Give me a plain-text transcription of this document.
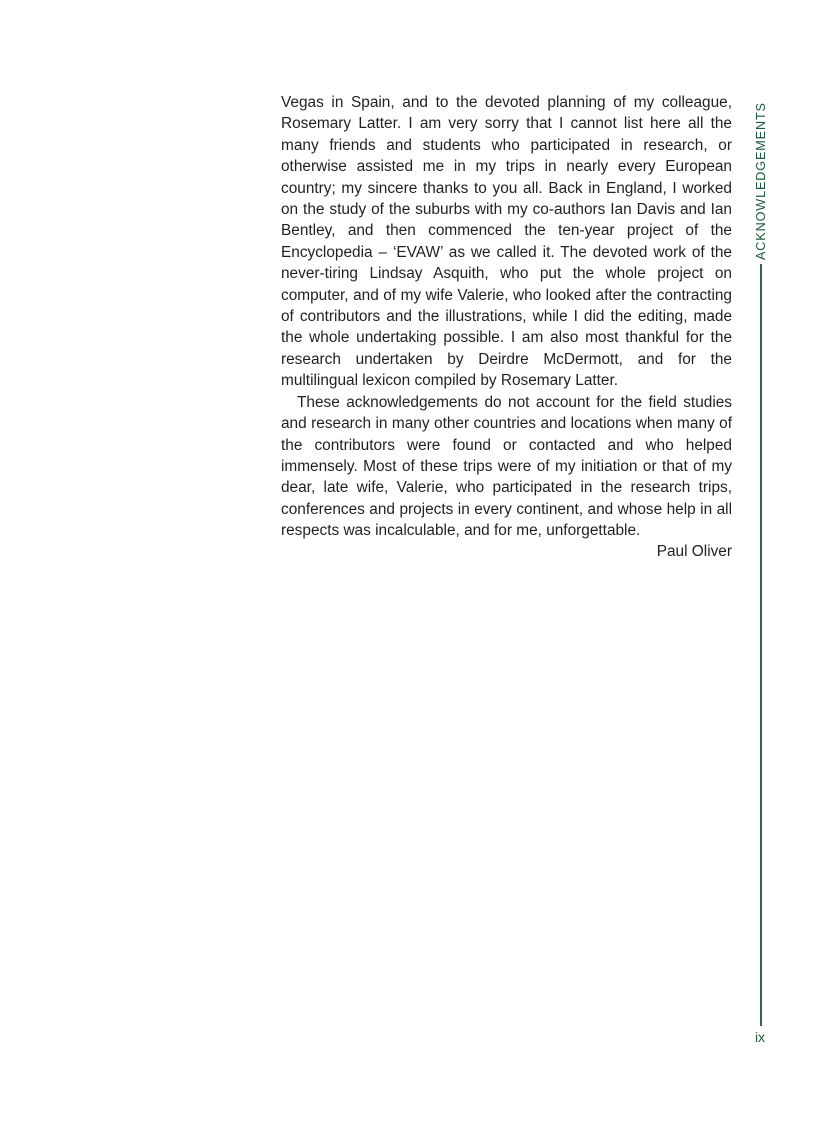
Vegas in Spain, and to the devoted planning of my colleague, Rosemary Latter. I am very sorry that I cannot list here all the many friends and students who participated in research, or otherwise assisted me in my trips in nearly every European country; my sincere thanks to you all. Back in England, I worked on the study of the suburbs with my co-authors Ian Davis and Ian Bentley, and then commenced the ten-year project of the Encyclopedia – ‘EVAW’ as we called it. The devoted work of the never-tiring Lindsay Asquith, who put the whole project on computer, and of my wife Valerie, who looked after the contracting of contributors and the illustrations, while I did the editing, made the whole undertaking possible. I am also most thankful for the research undertaken by Deirdre McDermott, and for the multilingual lexicon compiled by Rosemary Latter.

These acknowledgements do not account for the field studies and research in many other countries and locations when many of the contributors were found or contacted and who helped immensely. Most of these trips were of my initiation or that of my dear, late wife, Valerie, who participated in the research trips, conferences and projects in every continent, and whose help in all respects was incalculable, and for me, unforgettable.

Paul Oliver
ACKNOWLEDGEMENTS
ix
